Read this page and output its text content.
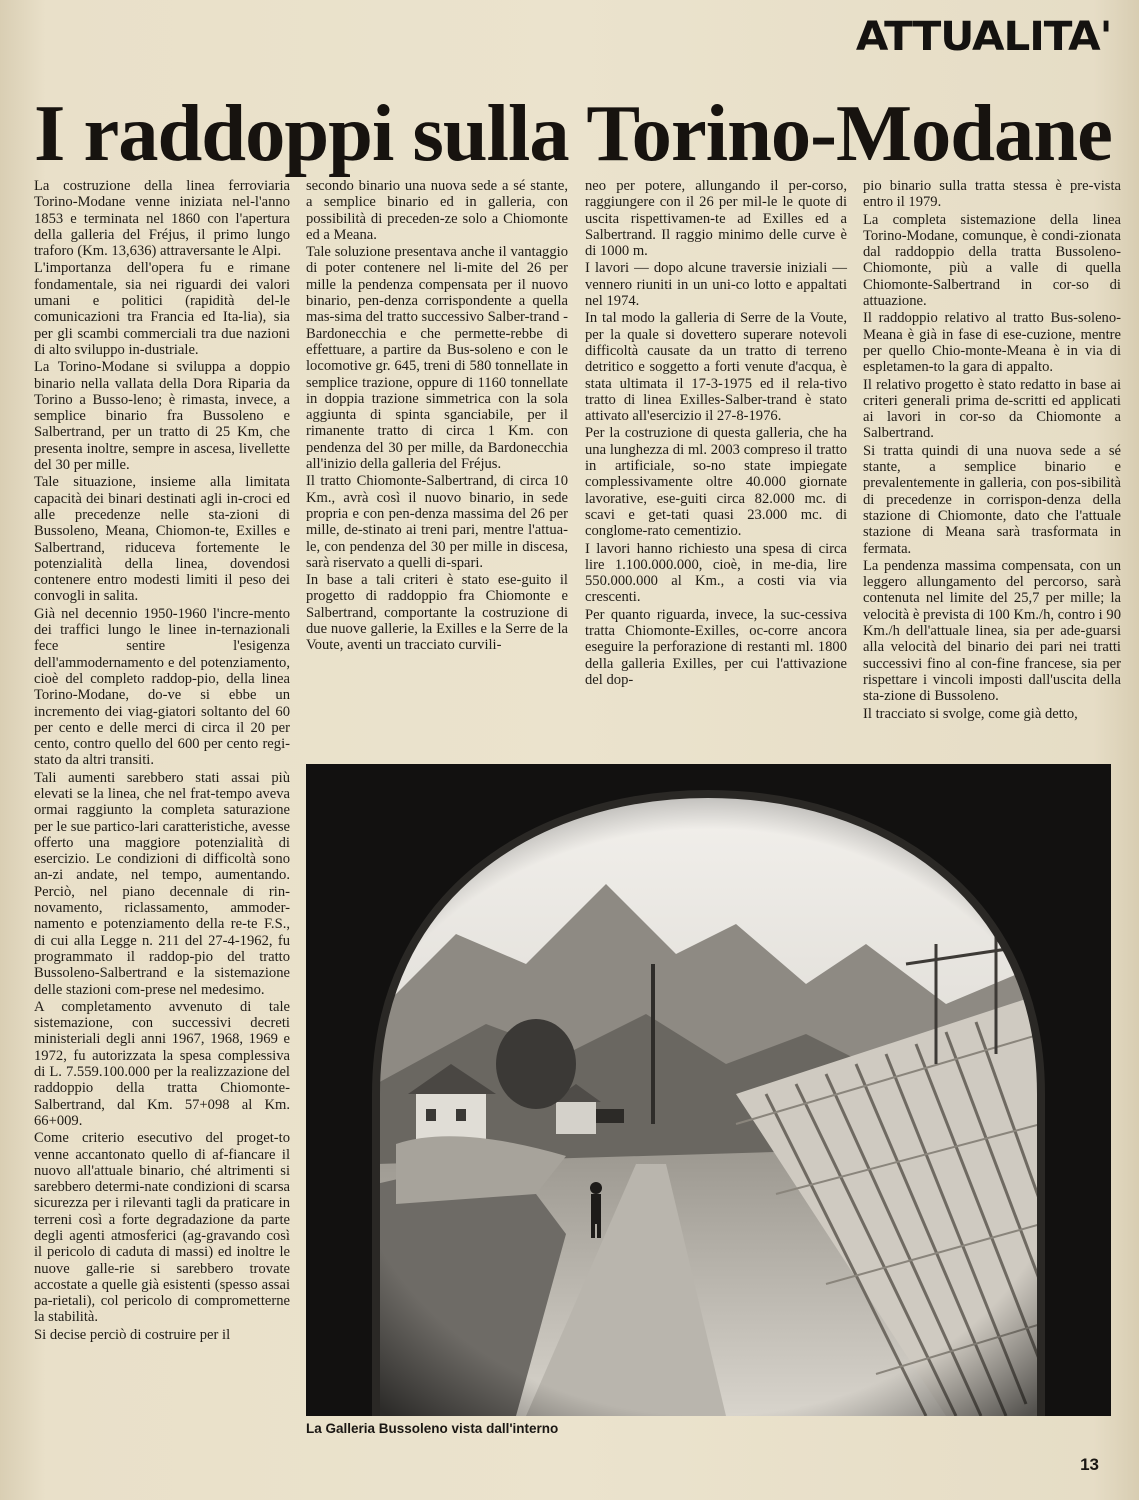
ATTUALITA'
I raddoppi sulla Torino-Modane

La costruzione della linea ferroviaria Torino-Modane venne iniziata nel-l'anno 1853 e terminata nel 1860 con l'apertura della galleria del Fréjus, il primo lungo traforo (Km. 13,636) attraversante le Alpi.

L'importanza dell'opera fu e rimane fondamentale, sia nei riguardi dei valori umani e politici (rapidità del-le comunicazioni tra Francia ed Ita-lia), sia per gli scambi commerciali tra due nazioni di alto sviluppo in-dustriale.

La Torino-Modane si sviluppa a doppio binario nella vallata della Dora Riparia da Torino a Busso-leno; è rimasta, invece, a semplice binario fra Bussoleno e Salbertrand, per un tratto di 25 Km, che presenta inoltre, sempre in ascesa, livellette del 30 per mille.

Tale situazione, insieme alla limitata capacità dei binari destinati agli in-croci ed alle precedenze nelle sta-zioni di Bussoleno, Meana, Chiomon-te, Exilles e Salbertrand, riduceva fortemente le potenzialità della linea, dovendosi contenere entro modesti limiti il peso dei convogli in salita.

Già nel decennio 1950-1960 l'incre-mento dei traffici lungo le linee in-ternazionali fece sentire l'esigenza dell'ammodernamento e del potenziamento, cioè del completo raddop-pio, della linea Torino-Modane, do-ve si ebbe un incremento dei viag-giatori soltanto del 60 per cento e delle merci di circa il 20 per cento, contro quello del 600 per cento regi-stato da altri transiti.

Tali aumenti sarebbero stati assai più elevati se la linea, che nel frat-tempo aveva ormai raggiunto la completa saturazione per le sue partico-lari caratteristiche, avesse offerto una maggiore potenzialità di esercizio. Le condizioni di difficoltà sono an-zi andate, nel tempo, aumentando. Perciò, nel piano decennale di rin-novamento, riclassamento, ammoder-namento e potenziamento della re-te F.S., di cui alla Legge n. 211 del 27-4-1962, fu programmato il raddop-pio del tratto Bussoleno-Salbertrand e la sistemazione delle stazioni com-prese nel medesimo.

A completamento avvenuto di tale sistemazione, con successivi decreti ministeriali degli anni 1967, 1968, 1969 e 1972, fu autorizzata la spesa complessiva di L. 7.559.100.000 per la realizzazione del raddoppio della tratta Chiomonte-Salbertrand, dal Km. 57+098 al Km. 66+009.

Come criterio esecutivo del proget-to venne accantonato quello di af-fiancare il nuovo all'attuale binario, ché altrimenti si sarebbero determi-nate condizioni di scarsa sicurezza per i rilevanti tagli da praticare in terreni così a forte degradazione da parte degli agenti atmosferici (ag-gravando così il pericolo di caduta di massi) ed inoltre le nuove galle-rie si sarebbero trovate accostate a quelle già esistenti (spesso assai pa-rietali), col pericolo di comprometterne la stabilità.

Si decise perciò di costruire per il

secondo binario una nuova sede a sé stante, a semplice binario ed in galleria, con possibilità di preceden-ze solo a Chiomonte ed a Meana.

Tale soluzione presentava anche il vantaggio di poter contenere nel li-mite del 26 per mille la pendenza compensata per il nuovo binario, pen-denza corrispondente a quella mas-sima del tratto successivo Salber-trand - Bardonecchia e che permette-rebbe di effettuare, a partire da Bus-soleno e con le locomotive gr. 645, treni di 580 tonnellate in semplice trazione, oppure di 1160 tonnellate in doppia trazione simmetrica con la sola aggiunta di spinta sganciabile, per il rimanente tratto di circa 1 Km. con pendenza del 30 per mille, da Bardonecchia all'inizio della galleria del Fréjus.

Il tratto Chiomonte-Salbertrand, di circa 10 Km., avrà così il nuovo binario, in sede propria e con pen-denza massima del 26 per mille, de-stinato ai treni pari, mentre l'attua-le, con pendenza del 30 per mille in discesa, sarà riservato a quelli di-spari.

In base a tali criteri è stato ese-guito il progetto di raddoppio fra Chiomonte e Salbertrand, comportante la costruzione di due nuove gallerie, la Exilles e la Serre de la Voute, aventi un tracciato curvili-

neo per potere, allungando il per-corso, raggiungere con il 26 per mil-le le quote di uscita rispettivamen-te ad Exilles ed a Salbertrand. Il raggio minimo delle curve è di 1000 m.

I lavori — dopo alcune traversie iniziali — vennero riuniti in un uni-co lotto e appaltati nel 1974.

In tal modo la galleria di Serre de la Voute, per la quale si dovettero superare notevoli difficoltà causate da un tratto di terreno detritico e soggetto a forti venute d'acqua, è stata ultimata il 17-3-1975 ed il rela-tivo tratto di linea Exilles-Salber-trand è stato attivato all'esercizio il 27-8-1976.

Per la costruzione di questa galleria, che ha una lunghezza di ml. 2003 compreso il tratto in artificiale, so-no state impiegate complessivamente oltre 40.000 giornate lavorative, ese-guiti circa 82.000 mc. di scavi e get-tati quasi 23.000 mc. di conglome-rato cementizio.

I lavori hanno richiesto una spesa di circa lire 1.100.000.000, cioè, in me-dia, lire 550.000.000 al Km., a costi via via crescenti.

Per quanto riguarda, invece, la suc-cessiva tratta Chiomonte-Exilles, oc-corre ancora eseguire la perforazione di restanti ml. 1800 della galleria Exilles, per cui l'attivazione del dop-

pio binario sulla tratta stessa è pre-vista entro il 1979.

La completa sistemazione della linea Torino-Modane, comunque, è condi-zionata dal raddoppio della tratta Bussoleno-Chiomonte, più a valle di quella Chiomonte-Salbertrand in cor-so di attuazione.

Il raddoppio relativo al tratto Bus-soleno-Meana è già in fase di ese-cuzione, mentre per quello Chio-monte-Meana è in via di espletamen-to la gara di appalto.

Il relativo progetto è stato redatto in base ai criteri generali prima de-scritti ed applicati ai lavori in cor-so da Chiomonte a Salbertrand.

Si tratta quindi di una nuova sede a sé stante, a semplice binario e prevalentemente in galleria, con pos-sibilità di precedenze in corrispon-denza della stazione di Chiomonte, dato che l'attuale stazione di Meana sarà trasformata in fermata.

La pendenza massima compensata, con un leggero allungamento del percorso, sarà contenuta nel limite del 25,7 per mille; la velocità è prevista di 100 Km./h, contro i 90 Km./h dell'attuale linea, sia per ade-guarsi alla velocità del binario dei pari nei tratti successivi fino al con-fine francese, sia per rispettare i vincoli imposti dall'uscita della sta-zione di Bussoleno.

Il tracciato si svolge, come già detto,

La Galleria Bussoleno vista dall'interno
13
